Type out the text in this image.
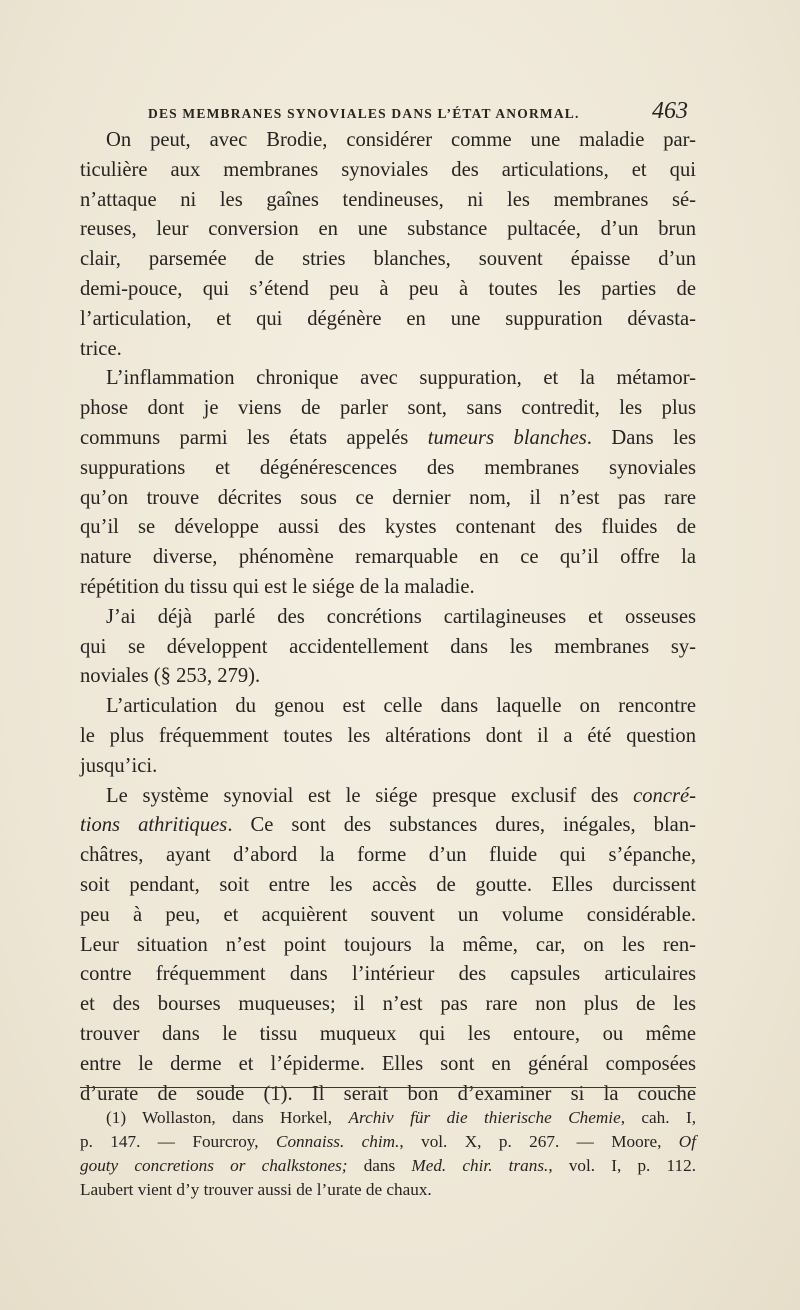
DES MEMBRANES SYNOVIALES DANS L’ÉTAT ANORMAL.	463
On peut, avec Brodie, considérer comme une maladie par-
ticulière aux membranes synoviales des articulations, et qui
n’attaque ni les gaînes tendineuses, ni les membranes sé-
reuses, leur conversion en une substance pultacée, d’un brun
clair, parsemée de stries blanches, souvent épaisse d’un
demi-pouce, qui s’étend peu à peu à toutes les parties de
l’articulation, et qui dégénère en une suppuration dévasta-
trice.
L’inflammation chronique avec suppuration, et la métamor-
phose dont je viens de parler sont, sans contredit, les plus
communs parmi les états appelés tumeurs blanches. Dans les
suppurations et dégénérescences des membranes synoviales
qu’on trouve décrites sous ce dernier nom, il n’est pas rare
qu’il se développe aussi des kystes contenant des fluides de
nature diverse, phénomène remarquable en ce qu’il offre la
répétition du tissu qui est le siége de la maladie.
J’ai déjà parlé des concrétions cartilagineuses et osseuses
qui se développent accidentellement dans les membranes sy-
noviales (§ 253, 279).
L’articulation du genou est celle dans laquelle on rencontre
le plus fréquemment toutes les altérations dont il a été question
jusqu’ici.
Le système synovial est le siége presque exclusif des concré-
tions athritiques. Ce sont des substances dures, inégales, blan-
châtres, ayant d’abord la forme d’un fluide qui s’épanche,
soit pendant, soit entre les accès de goutte. Elles durcissent
peu à peu, et acquièrent souvent un volume considérable.
Leur situation n’est point toujours la même, car, on les ren-
contre fréquemment dans l’intérieur des capsules articulaires
et des bourses muqueuses; il n’est pas rare non plus de les
trouver dans le tissu muqueux qui les entoure, ou même
entre le derme et l’épiderme. Elles sont en général composées
d’urate de soude (1). Il serait bon d’examiner si la couche
(1) Wollaston, dans Horkel, Archiv für die thierische Chemie, cah. I,
p. 147. — Fourcroy, Connaiss. chim., vol. X, p. 267. — Moore, Of
gouty concretions or chalkstones; dans Med. chir. trans., vol. I, p. 112.
Laubert vient d’y trouver aussi de l’urate de chaux.
